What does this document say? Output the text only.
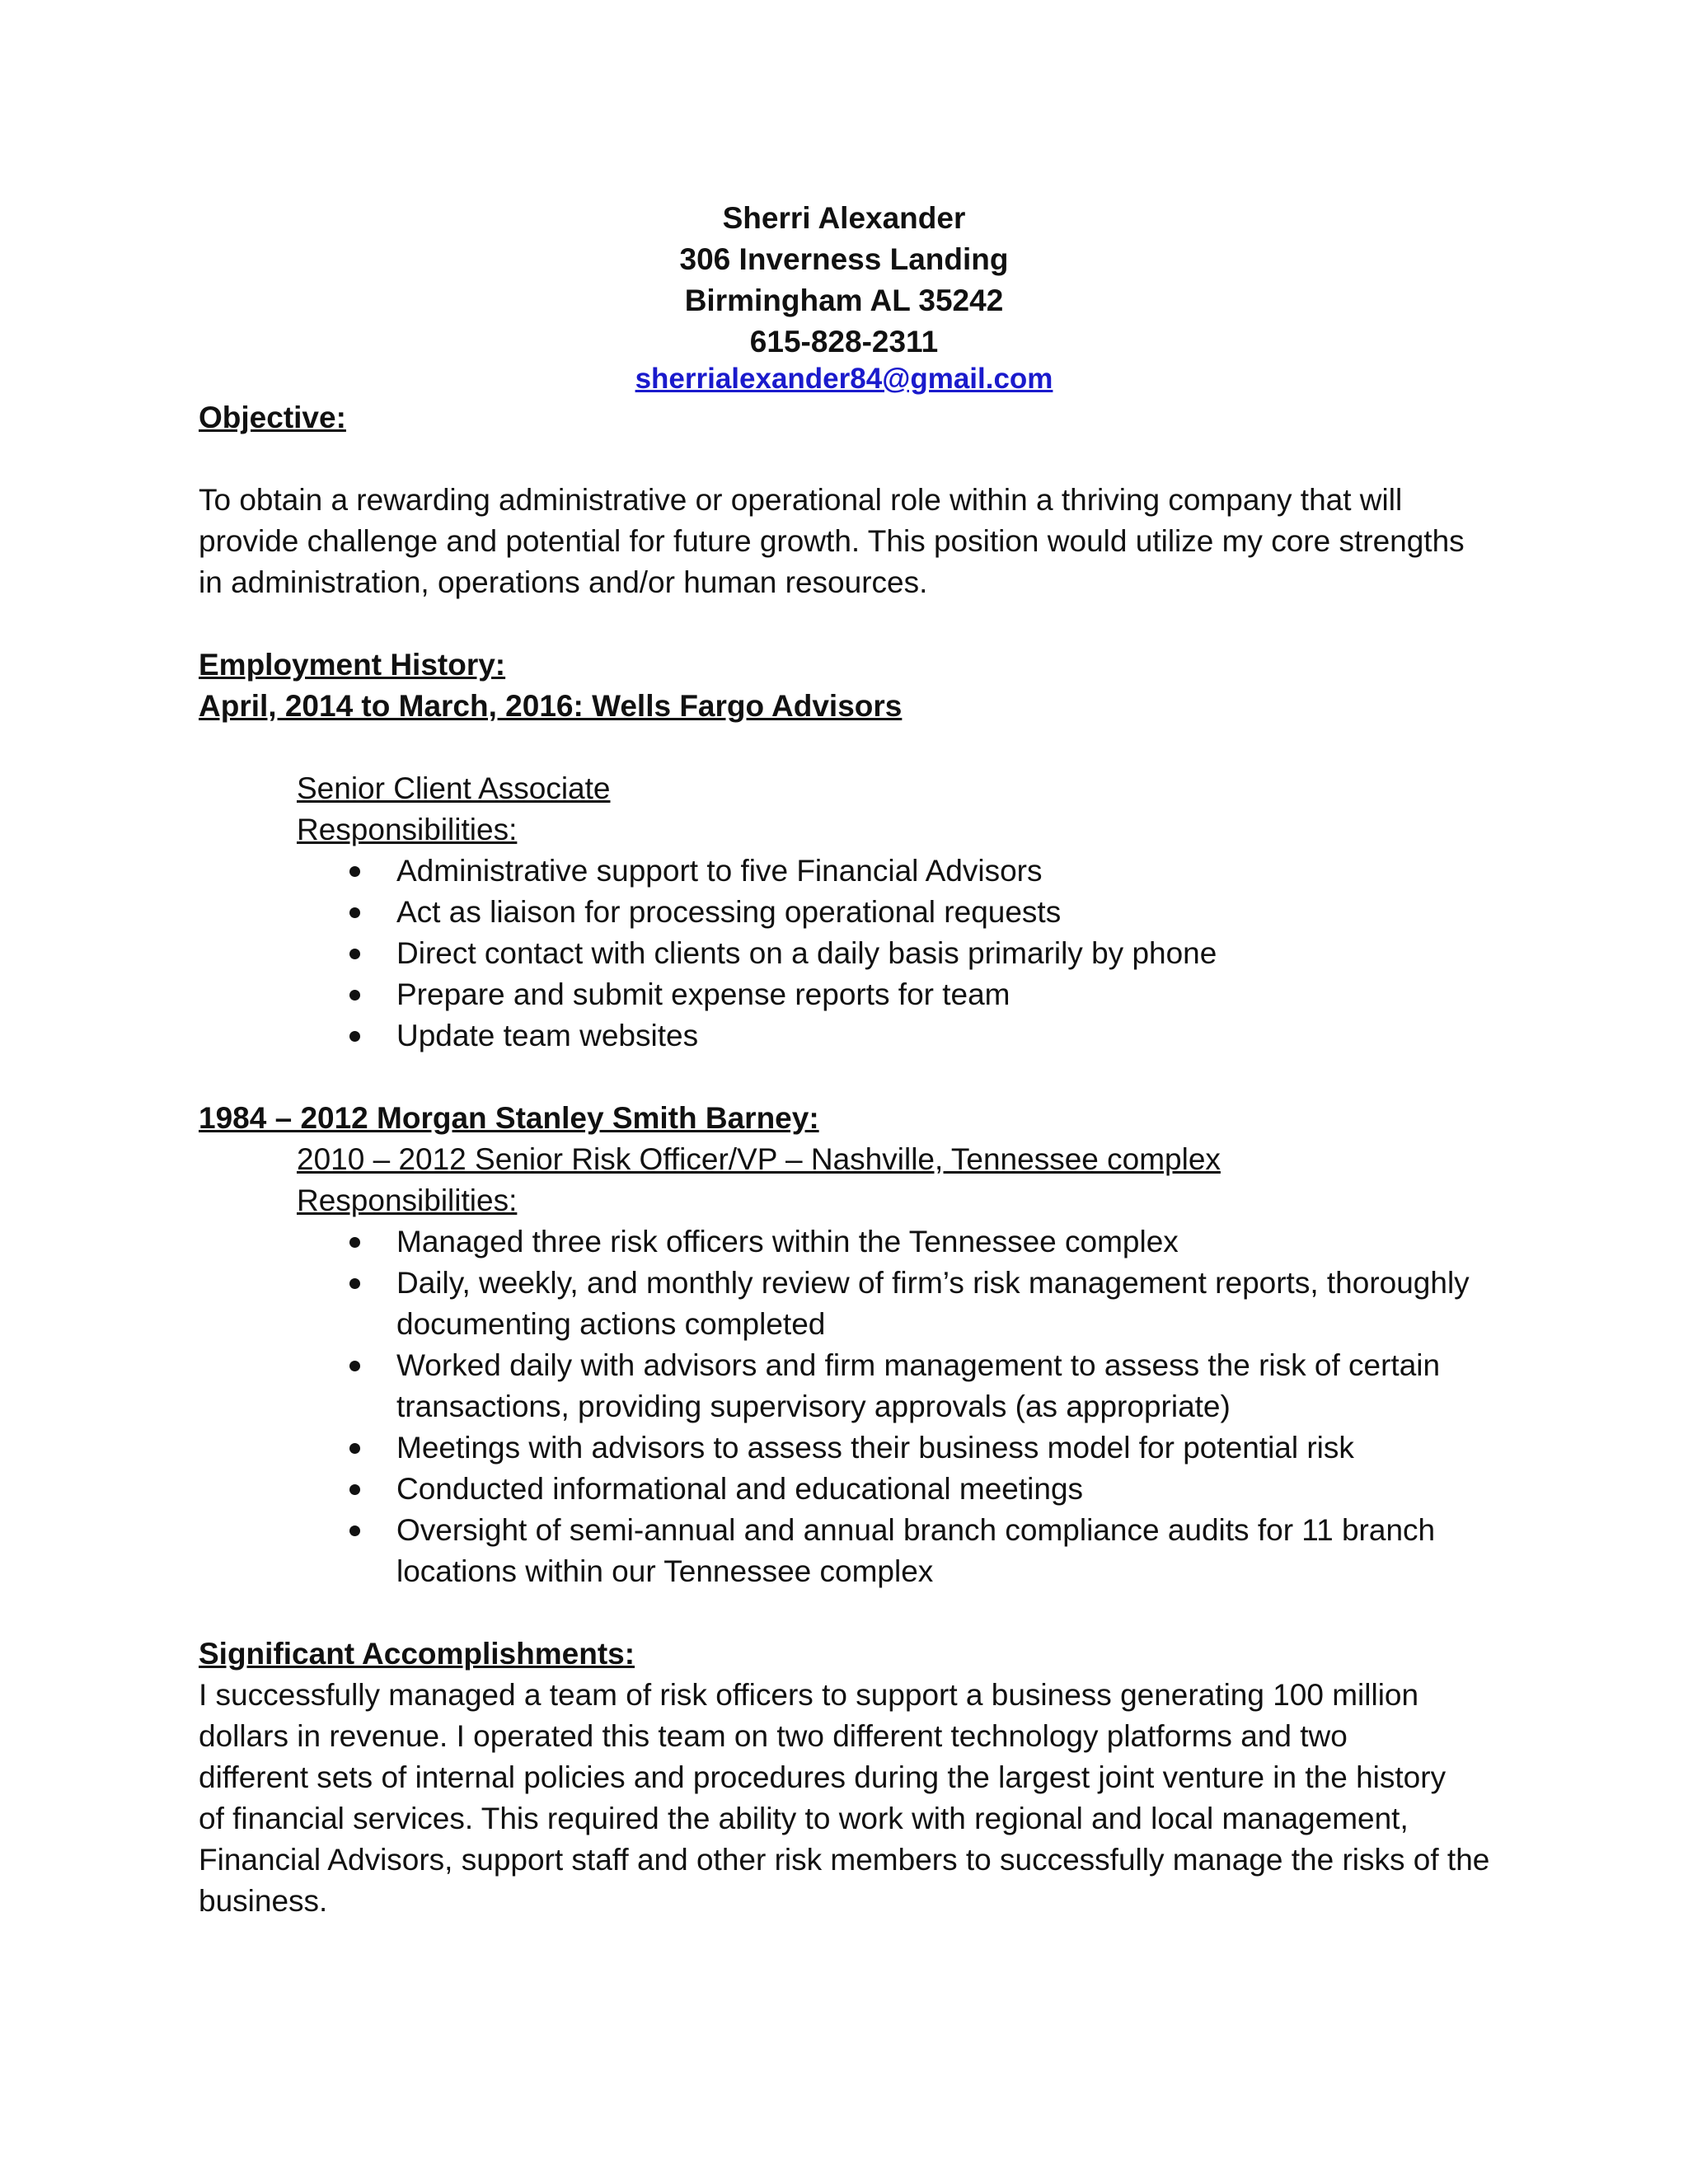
Sherri Alexander
306 Inverness Landing
Birmingham AL 35242
615-828-2311
sherrialexander84@gmail.com
Objective:
To obtain a rewarding administrative or operational role within a thriving company that will
provide challenge and potential for future growth. This position would utilize my core strengths
in administration, operations and/or human resources.
Employment History:
April, 2014 to March, 2016: Wells Fargo Advisors
Senior Client Associate
Responsibilities:
Administrative support to five Financial Advisors
Act as liaison for processing operational requests
Direct contact with clients on a daily basis primarily by phone
Prepare and submit expense reports for team
Update team websites
1984 – 2012 Morgan Stanley Smith Barney:
2010 – 2012 Senior Risk Officer/VP – Nashville, Tennessee complex
Responsibilities:
Managed three risk officers within the Tennessee complex
Daily, weekly, and monthly review of firm’s risk management reports, thoroughly
documenting actions completed
Worked daily with advisors and firm management to assess the risk of certain
transactions, providing supervisory approvals (as appropriate)
Meetings with advisors to assess their business model for potential risk
Conducted informational and educational meetings
Oversight of semi-annual and annual branch compliance audits for 11 branch
locations within our Tennessee complex
Significant Accomplishments:
I successfully managed a team of risk officers to support a business generating 100 million
dollars in revenue. I operated this team on two different technology platforms and two
different sets of internal policies and procedures during the largest joint venture in the history
of financial services. This required the ability to work with regional and local management,
Financial Advisors, support staff and other risk members to successfully manage the risks of the
business.
